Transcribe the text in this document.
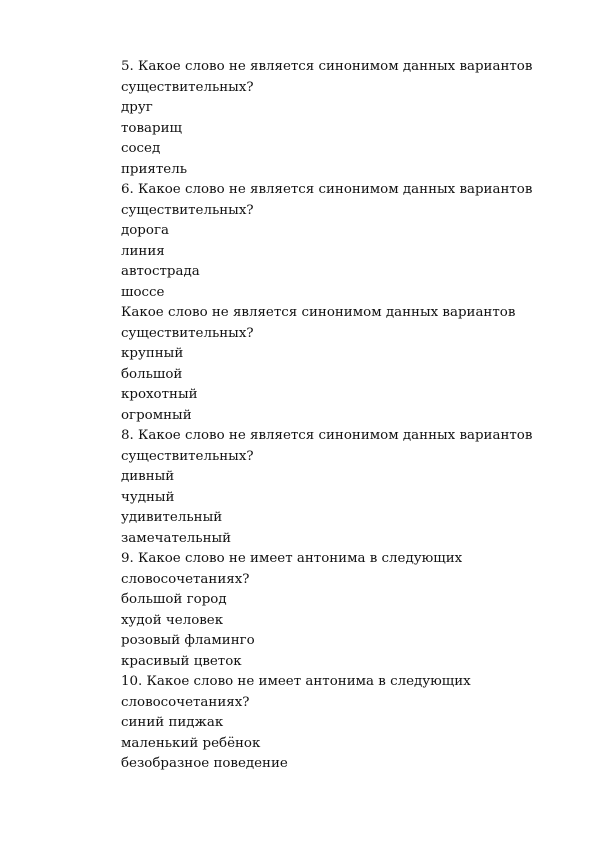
5. Какое слово не является синонимом данных вариантов
существительных?
друг
товарищ
сосед
приятель
6. Какое слово не является синонимом данных вариантов
существительных?
дорога
линия
автострада
шоссе
Какое слово не является синонимом данных вариантов
существительных?
крупный
большой
крохотный
огромный
8. Какое слово не является синонимом данных вариантов
существительных?
дивный
чудный
удивительный
замечательный
9. Какое слово не имеет антонима в следующих
словосочетаниях?
большой город
худой человек
розовый фламинго
красивый цветок
10. Какое слово не имеет антонима в следующих
словосочетаниях?
синий пиджак
маленький ребёнок
безобразное поведение
